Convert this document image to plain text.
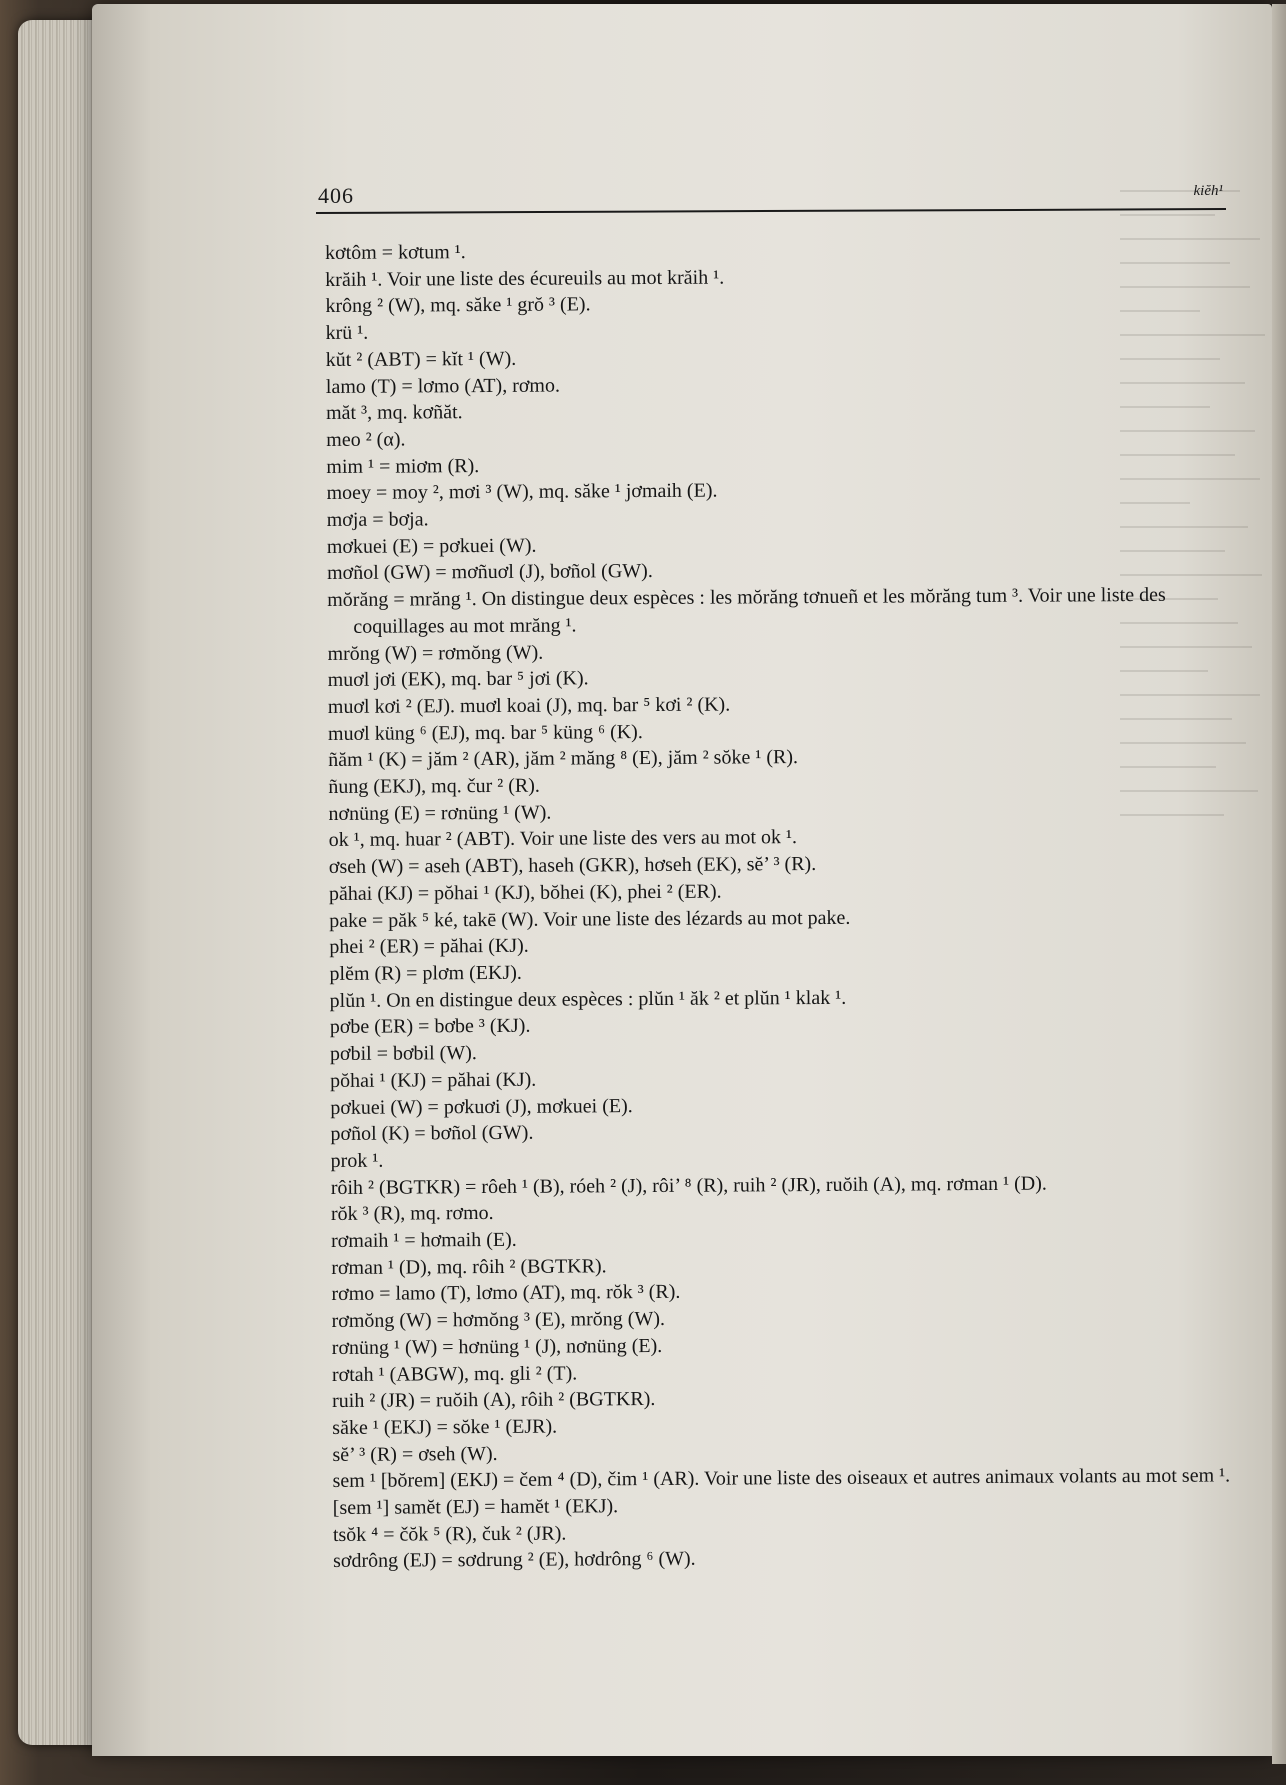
406	kiĕh¹
kơtôm = kơtum ¹.
krăih ¹. Voir une liste des écureuils au mot krăih ¹.
krông ² (W), mq. săke ¹ grŏ ³ (E).
krü ¹.
kŭt ² (ABT) = kĭt ¹ (W).
lamo (T) = lơmo (AT), rơmo.
măt ³, mq. kơñăt.
meo ² (α).
mim ¹ = miơm (R).
moey = moy ², mơi ³ (W), mq. săke ¹ jơmaih (E).
mơja = bơja.
mơkuei (E) = pơkuei (W).
mơñol (GW) = mơñuơl (J), bơñol (GW).
mŏrăng = mrăng ¹. On distingue deux espèces : les mŏrăng tơnueñ et les mŏrăng tum ³. Voir une liste des coquillages au mot mrăng ¹.
mrŏng (W) = rơmŏng (W).
muơl jơi (EK), mq. bar ⁵ jơi (K).
muơl kơi ² (EJ). muơl koai (J), mq. bar ⁵ kơi ² (K).
muơl küng ⁶ (EJ), mq. bar ⁵ küng ⁶ (K).
ñăm ¹ (K) = jăm ² (AR), jăm ² măng ⁸ (E), jăm ² sŏke ¹ (R).
ñung (EKJ), mq. čur ² (R).
nơnüng (E) = rơnüng ¹ (W).
ok ¹, mq. huar ² (ABT). Voir une liste des vers au mot ok ¹.
ơseh (W) = aseh (ABT), haseh (GKR), hơseh (EK), sĕ’ ³ (R).
păhai (KJ) = pŏhai ¹ (KJ), bŏhei (K), phei ² (ER).
pake = păk ⁵ ké, takē (W). Voir une liste des lézards au mot pake.
phei ² (ER) = păhai (KJ).
plĕm (R) = plơm (EKJ).
plŭn ¹. On en distingue deux espèces : plŭn ¹ ăk ² et plŭn ¹ klak ¹.
pơbe (ER) = bơbe ³ (KJ).
pơbil = bơbil (W).
pŏhai ¹ (KJ) = păhai (KJ).
pơkuei (W) = pơkuơi (J), mơkuei (E).
pơñol (K) = bơñol (GW).
prok ¹.
rôih ² (BGTKR) = rôeh ¹ (B), róeh ² (J), rôi’ ⁸ (R), ruih ² (JR), ruŏih (A), mq. rơman ¹ (D).
rŏk ³ (R), mq. rơmo.
rơmaih ¹ = hơmaih (E).
rơman ¹ (D), mq. rôih ² (BGTKR).
rơmo = lamo (T), lơmo (AT), mq. rŏk ³ (R).
rơmŏng (W) = hơmŏng ³ (E), mrŏng (W).
rơnüng ¹ (W) = hơnüng ¹ (J), nơnüng (E).
rơtah ¹ (ABGW), mq. gli ² (T).
ruih ² (JR) = ruŏih (A), rôih ² (BGTKR).
săke ¹ (EKJ) = sŏke ¹ (EJR).
sĕ’ ³ (R) = ơseh (W).
sem ¹ [bŏrem] (EKJ) = čem ⁴ (D), čim ¹ (AR). Voir une liste des oiseaux et autres animaux volants au mot sem ¹.
[sem ¹] samĕt (EJ) = hamĕt ¹ (EKJ).
tsŏk ⁴ = čŏk ⁵ (R), čuk ² (JR).
sơdrông (EJ) = sơdrung ² (E), hơdrông ⁶ (W).
